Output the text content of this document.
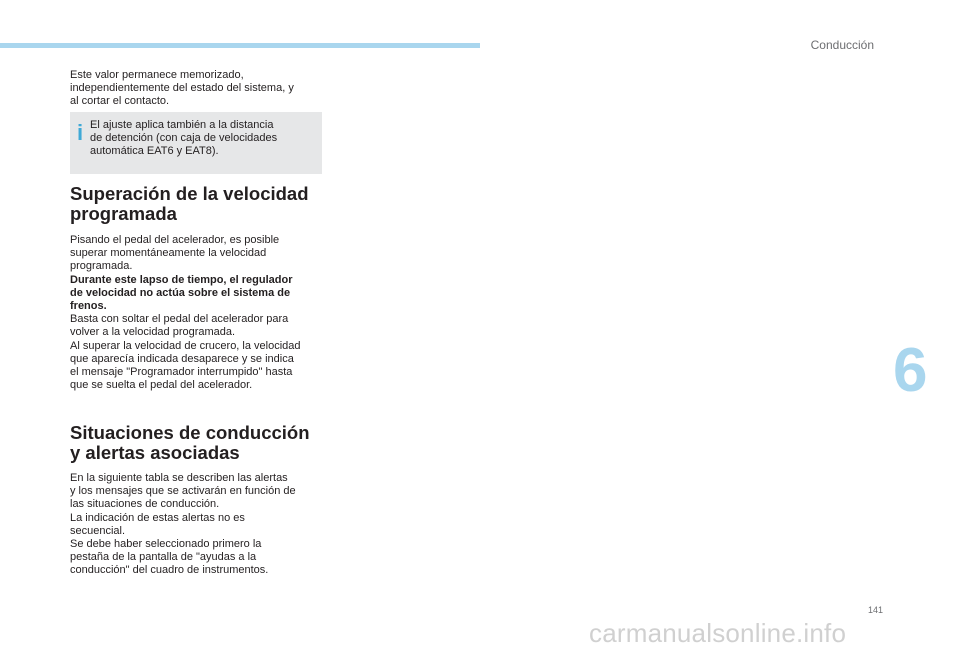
Conducción

Este valor permanece memorizado,

independientemente del estado del sistema, y

al cortar el contacto.

i El ajuste aplica también a la distancia

de detención (con caja de velocidades

automática EAT6 y EAT8).

Superación de la velocidad
programada

Pisando el pedal del acelerador, es posible

superar momentáneamente la velocidad

programada.

Durante este lapso de tiempo, el regulador

de velocidad no actúa sobre el sistema de

frenos.

Basta con soltar el pedal del acelerador para

volver a la velocidad programada.

Al superar la velocidad de crucero, la velocidad

que aparecía indicada desaparece y se indica

el mensaje "Programador interrumpido" hasta

que se suelta el pedal del acelerador.

Situaciones de conducción
y alertas asociadas

En la siguiente tabla se describen las alertas

y los mensajes que se activarán en función de

las situaciones de conducción.

La indicación de estas alertas no es

secuencial.

Se debe haber seleccionado primero la

pestaña de la pantalla de "ayudas a la

conducción" del cuadro de instrumentos.

6
141
carmanualsonline.info
